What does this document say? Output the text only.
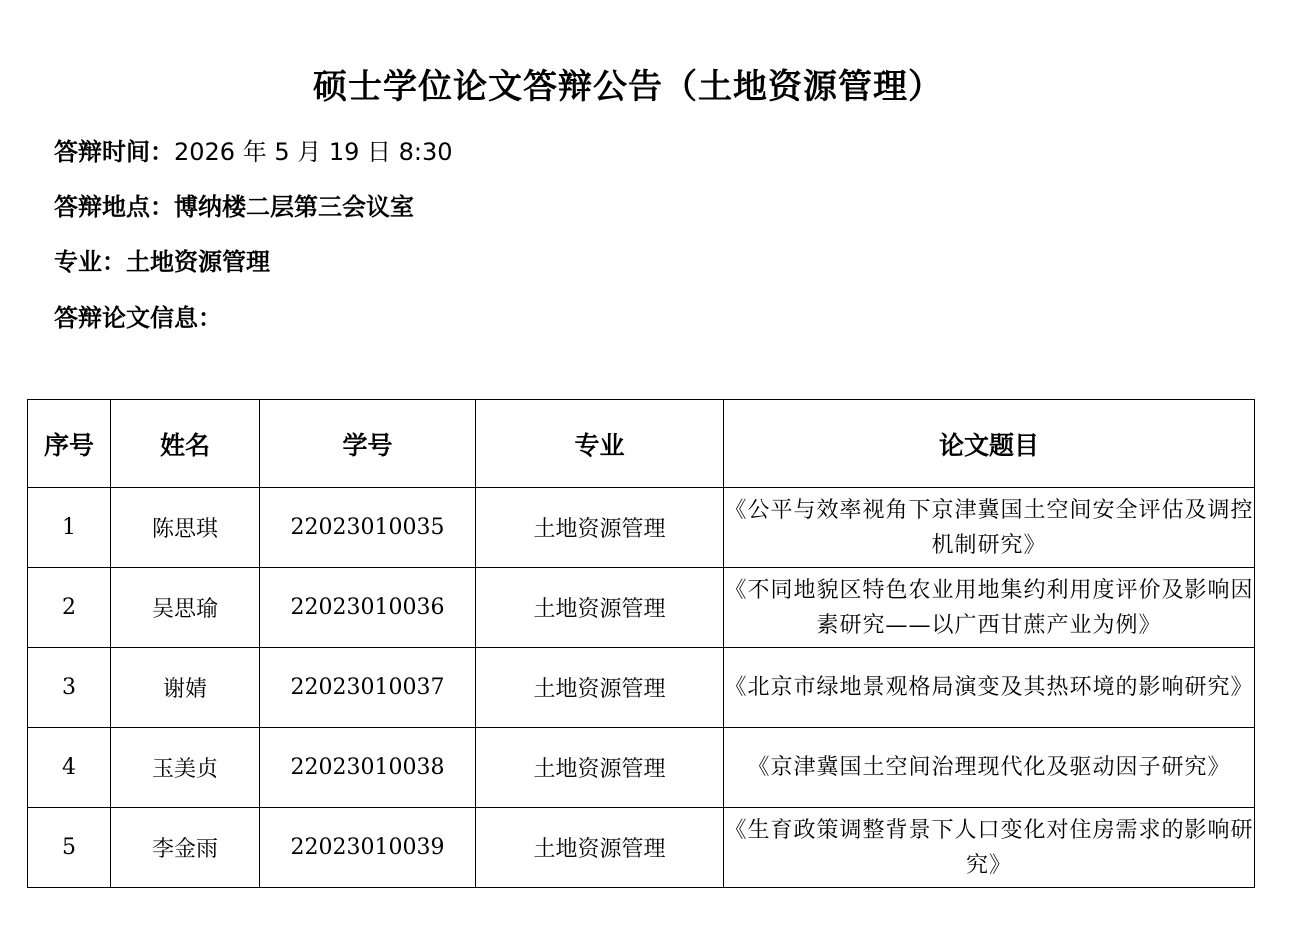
硕士学位论文答辩公告（土地资源管理）
答辩时间：2026 年 5 月 19 日 8:30
答辩地点：博纳楼二层第三会议室
专业：土地资源管理
答辩论文信息：
序号	姓名	学号	专业	论文题目
1	陈思琪	22023010035	土地资源管理	《公平与效率视角下京津冀国土空间安全评估及调控机制研究》
2	吴思瑜	22023010036	土地资源管理	《不同地貌区特色农业用地集约利用度评价及影响因素研究——以广西甘蔗产业为例》
3	谢婧	22023010037	土地资源管理	《北京市绿地景观格局演变及其热环境的影响研究》
4	玉美贞	22023010038	土地资源管理	《京津冀国土空间治理现代化及驱动因子研究》
5	李金雨	22023010039	土地资源管理	《生育政策调整背景下人口变化对住房需求的影响研究》
